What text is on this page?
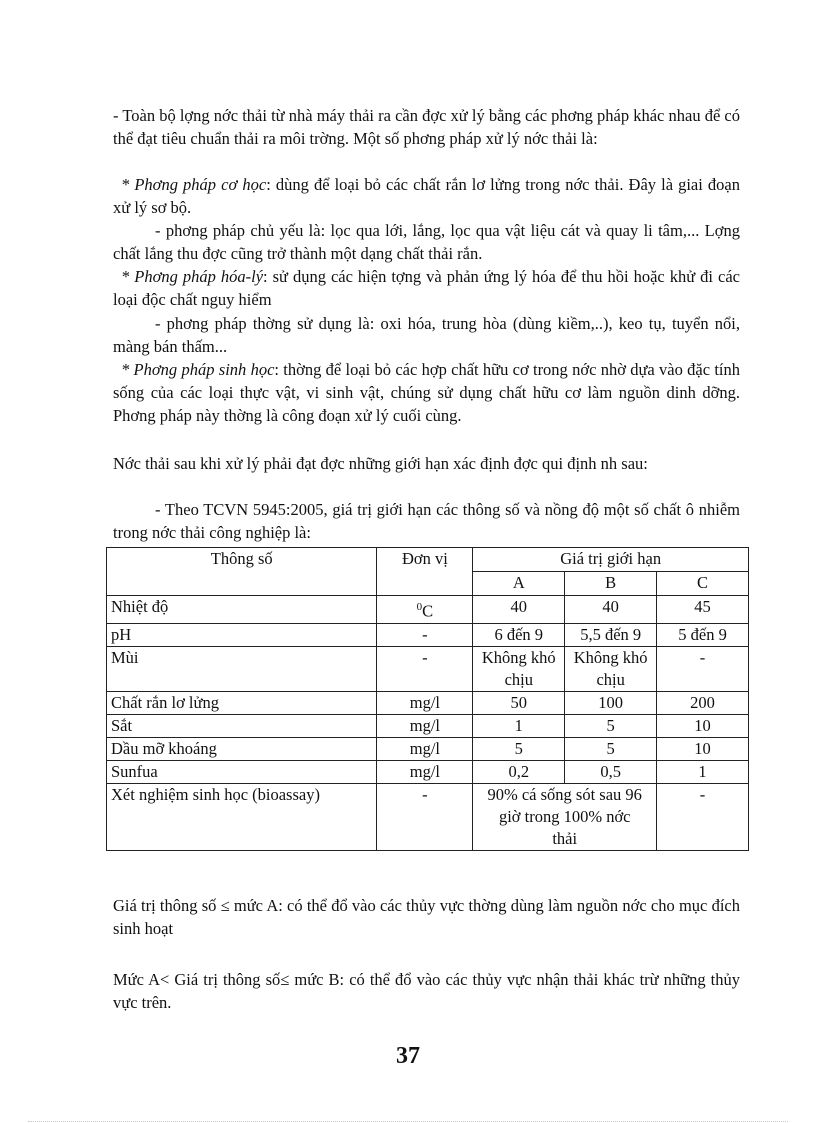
- Toàn bộ lợng nớc thải từ nhà máy thải ra cần đợc xử lý bằng các phơng pháp khác nhau để có thể đạt tiêu chuẩn thải ra môi trờng. Một số phơng pháp xử lý nớc thải là:

* Phơng pháp cơ học: dùng để loại bỏ các chất rắn lơ lửng trong nớc thải. Đây là giai đoạn xử lý sơ bộ.

- phơng pháp chủ yếu là: lọc qua lới, lắng, lọc qua vật liệu cát và quay li tâm,... Lợng chất lắng thu đợc cũng trở thành một dạng chất thải rắn.

* Phơng pháp hóa-lý: sử dụng các hiện tợng và phản ứng lý hóa để thu hồi hoặc khử đi các loại độc chất nguy hiểm

- phơng pháp thờng sử dụng là: oxi hóa, trung hòa (dùng kiềm,..), keo tụ, tuyển nổi, màng bán thấm...

* Phơng pháp sinh học: thờng để loại bỏ các hợp chất hữu cơ trong nớc nhờ dựa vào đặc tính sống của các loại thực vật, vi sinh vật, chúng sử dụng chất hữu cơ làm nguồn dinh dỡng. Phơng pháp này thờng là công đoạn xử lý cuối cùng.

Nớc thải sau khi xử lý phải đạt đợc những giới hạn xác định đợc qui định nh sau:

- Theo TCVN 5945:2005, giá trị giới hạn các thông số và nồng độ một số chất ô nhiễm trong nớc thải công nghiệp là:

Thông số	Đơn vị	Giá trị giới hạn		
		A	B	C
Nhiệt độ	$^0$C	40	40	45
pH	-	6 đến 9	5,5 đến 9	5 đến 9
Mùi	-	Không khó chịu	Không khó chịu	-
Chất rắn lơ lửng	mg/l	50	100	200
Sắt	mg/l	1	5	10
Dầu mỡ khoáng	mg/l	5	5	10
Sunfua	mg/l	0,2	0,5	1
Xét nghiệm sinh học (bioassay)	-	90% cá sống sót sau 96 giờ trong 100% nớc thải		-

Giá trị thông số ≤ mức A: có thể đổ vào các thủy vực thờng dùng làm nguồn nớc cho mục đích sinh hoạt

Mức A< Giá trị thông số≤ mức B: có thể đổ vào các thủy vực nhận thải khác trừ những thủy vực trên.

37
